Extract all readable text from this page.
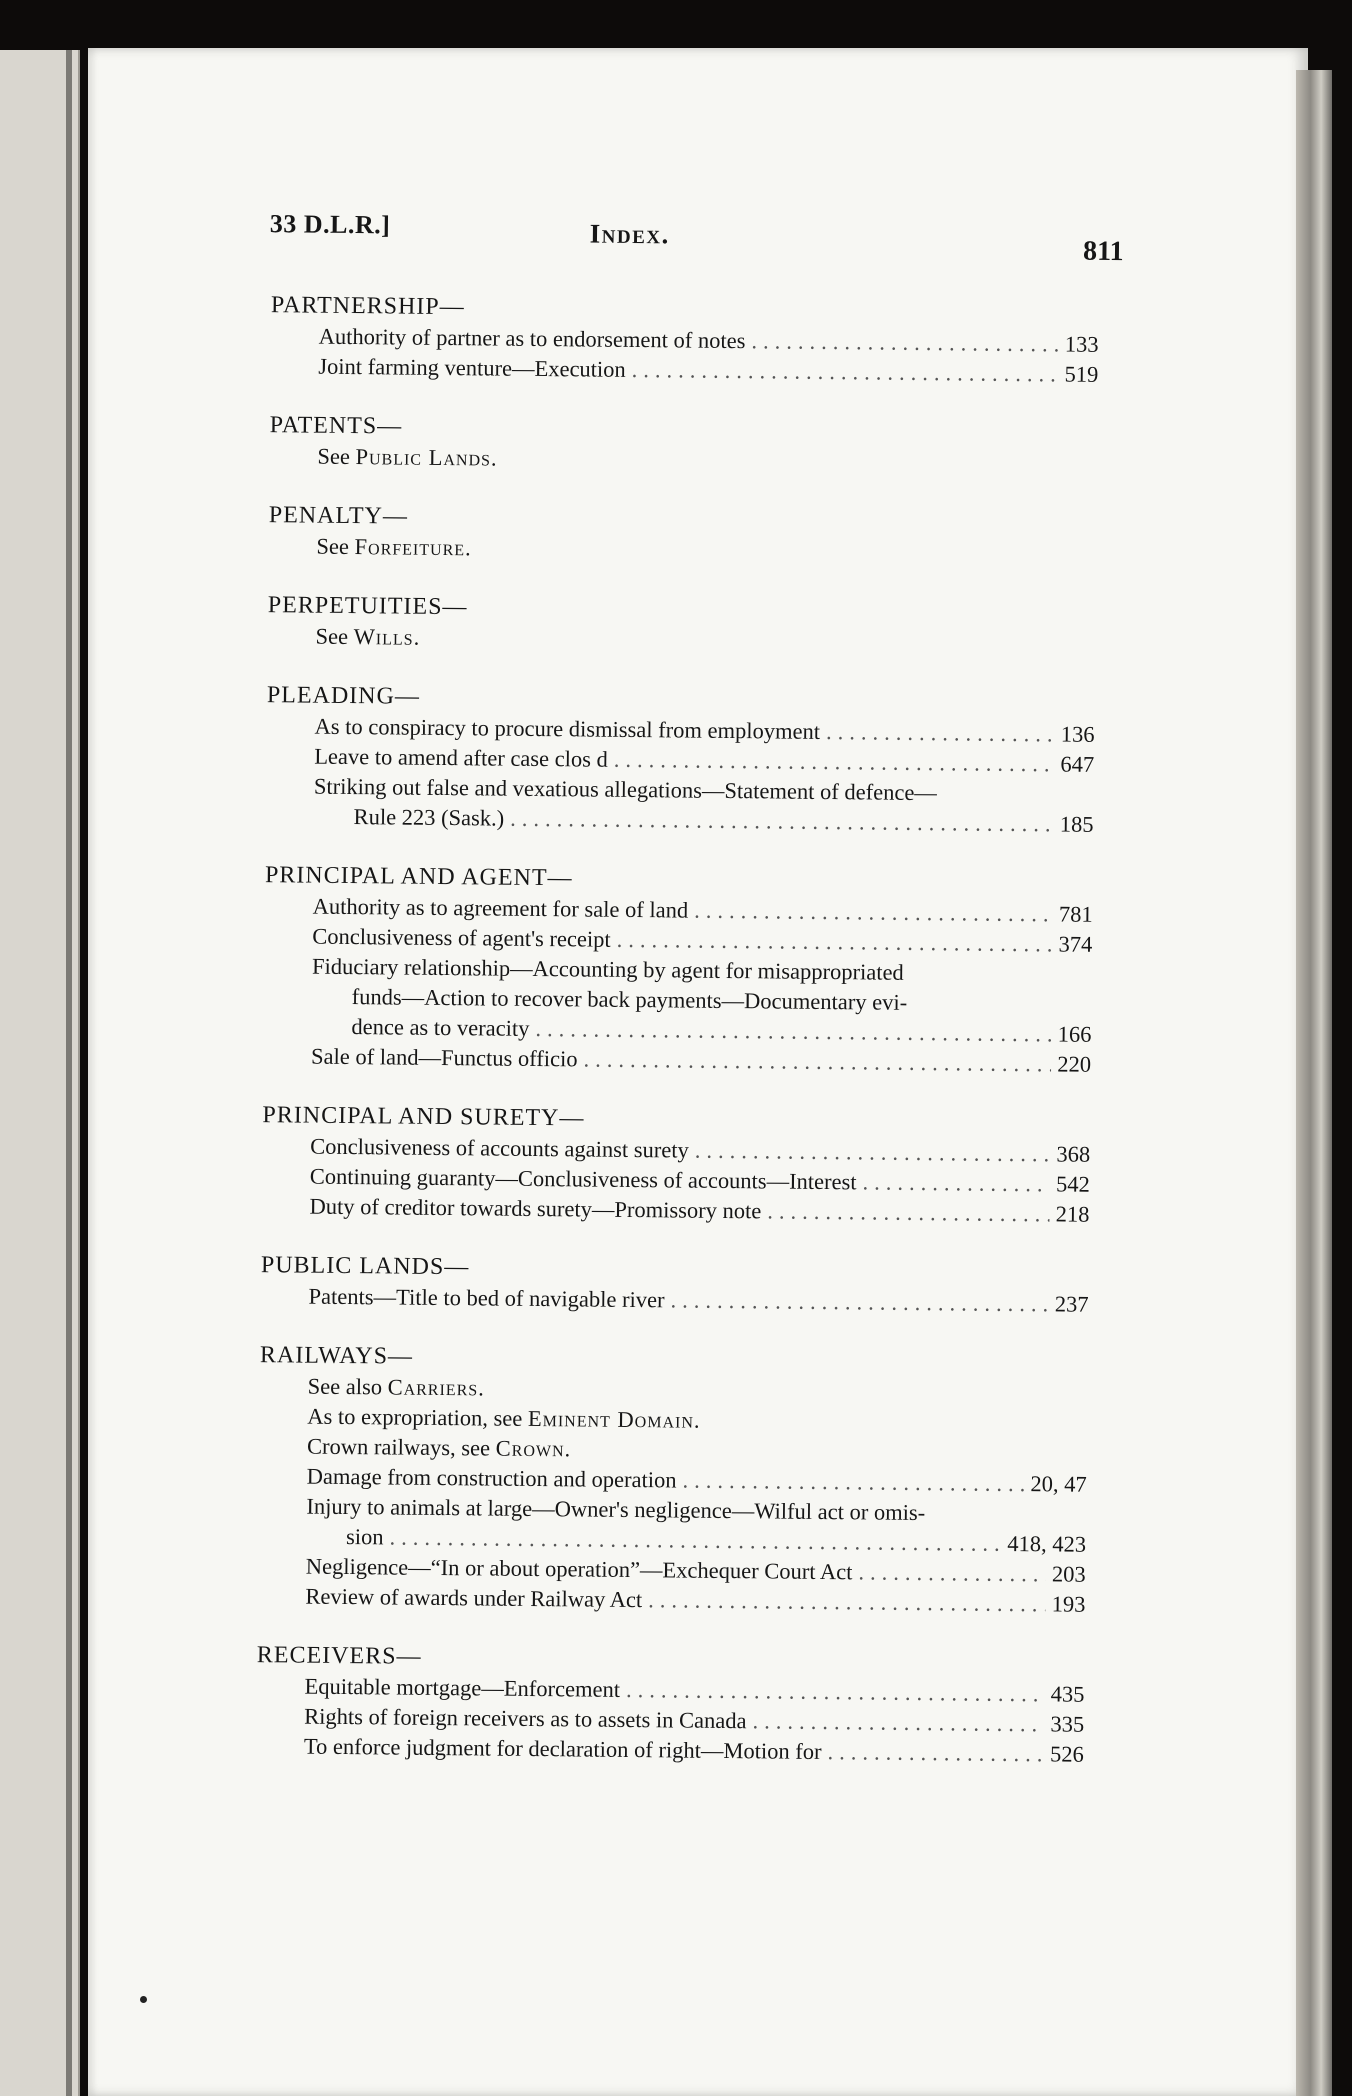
33 D.L.R.]	Index.
811
PARTNERSHIP—
Authority of partner as to endorsement of notes .....	133
Joint farming venture—Execution .....	519
PATENTS—
See Public Lands.
PENALTY—
See Forfeiture.
PERPETUITIES—
See Wills.
PLEADING—
As to conspiracy to procure dismissal from employment .....	136
Leave to amend after case clos d .....	647
Striking out false and vexatious allegations—Statement of defence—
Rule 223 (Sask.) .....	185
PRINCIPAL AND AGENT—
Authority as to agreement for sale of land .....	781
Conclusiveness of agent's receipt .....	374
Fiduciary relationship—Accounting by agent for misappropriated
funds—Action to recover back payments—Documentary evi-
dence as to veracity .....	166
Sale of land—Functus officio .....	220
PRINCIPAL AND SURETY—
Conclusiveness of accounts against surety .....	368
Continuing guaranty—Conclusiveness of accounts—Interest .....	542
Duty of creditor towards surety—Promissory note .....	218
PUBLIC LANDS—
Patents—Title to bed of navigable river .....	237
RAILWAYS—
See also Carriers.
As to expropriation, see Eminent Domain.
Crown railways, see Crown.
Damage from construction and operation .....	20, 47
Injury to animals at large—Owner's negligence—Wilful act or omis-
sion .....	418, 423
Negligence—“In or about operation”—Exchequer Court Act .....	203
Review of awards under Railway Act .....	193
RECEIVERS—
Equitable mortgage—Enforcement .....	435
Rights of foreign receivers as to assets in Canada .....	335
To enforce judgment for declaration of right—Motion for .....	526
